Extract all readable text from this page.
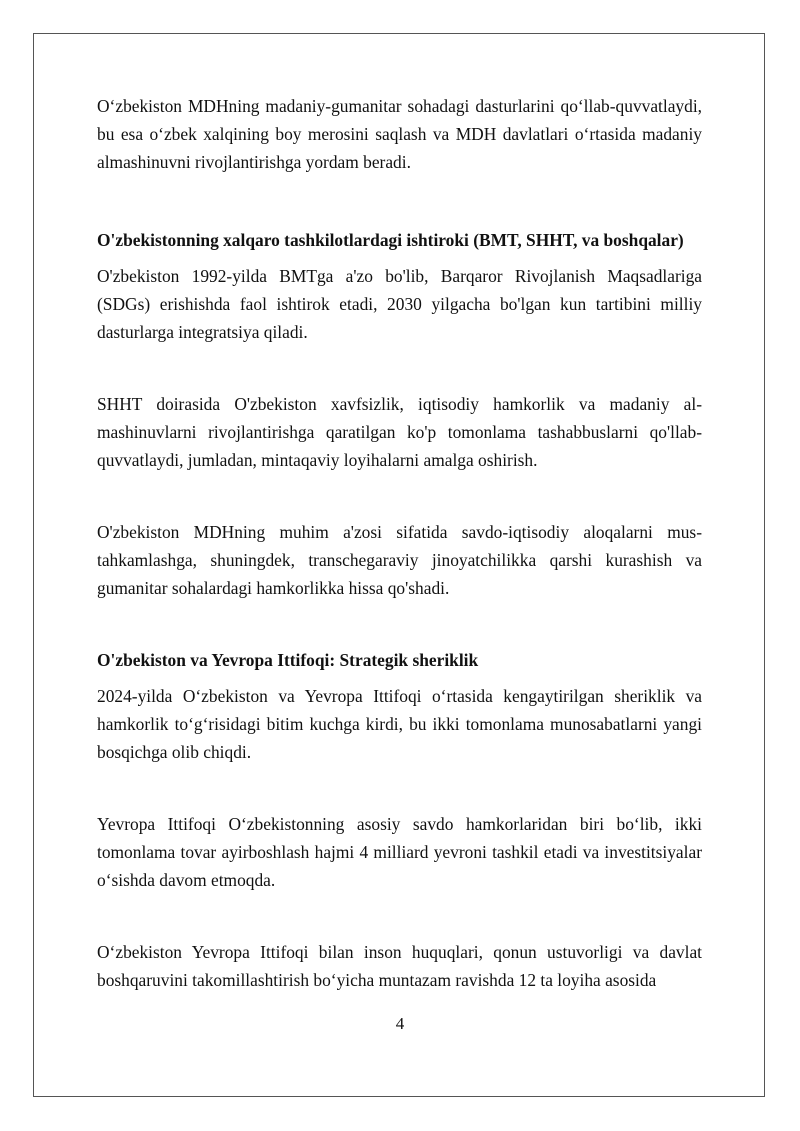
O‘zbekiston MDHning madaniy-gumanitar sohadagi dasturlarini qo‘llab-quvvatlaydi, bu esa o‘zbek xalqining boy merosini saqlash va MDH davlatlari o‘rtasida madaniy almashinuvni rivojlantirishga yordam beradi.

O'zbekistonning xalqaro tashkilotlardagi ishtiroki (BMT, SHHT, va boshqalar)

O'zbekiston 1992-yilda BMTga a'zo bo'lib, Barqaror Rivojlanish Maqsadlariga (SDGs) erishishda faol ishtirok etadi, 2030 yilgacha bo'lgan kun tartibini milliy dasturlarga integratsiya qiladi.

SHHT doirasida O'zbekiston xavfsizlik, iqtisodiy hamkorlik va madaniy almashinuvlarni rivojlantirishga qaratilgan ko'p tomonlama tashabbuslarni qo'llab-quvvatlaydi, jumladan, mintaqaviy loyihalarni amalga oshirish.

O'zbekiston MDHning muhim a'zosi sifatida savdo-iqtisodiy aloqalarni mustahkamlashga, shuningdek, transchegaraviy jinoyatchilikka qarshi kurashish va gumanitar sohalardagi hamkorlikka hissa qo'shadi.

O'zbekiston va Yevropa Ittifoqi: Strategik sheriklik

2024-yilda O‘zbekiston va Yevropa Ittifoqi o‘rtasida kengaytirilgan sheriklik va hamkorlik to‘g‘risidagi bitim kuchga kirdi, bu ikki tomonlama munosabatlarni yangi bosqichga olib chiqdi.

Yevropa Ittifoqi O‘zbekistonning asosiy savdo hamkorlaridan biri bo‘lib, ikki tomonlama tovar ayirboshlash hajmi 4 milliard yevroni tashkil etadi va investitsiyalar o‘sishda davom etmoqda.

O‘zbekiston Yevropa Ittifoqi bilan inson huquqlari, qonun ustuvorligi va davlat boshqaruvini takomillashtirish bo‘yicha muntazam ravishda 12 ta loyiha asosida

4
